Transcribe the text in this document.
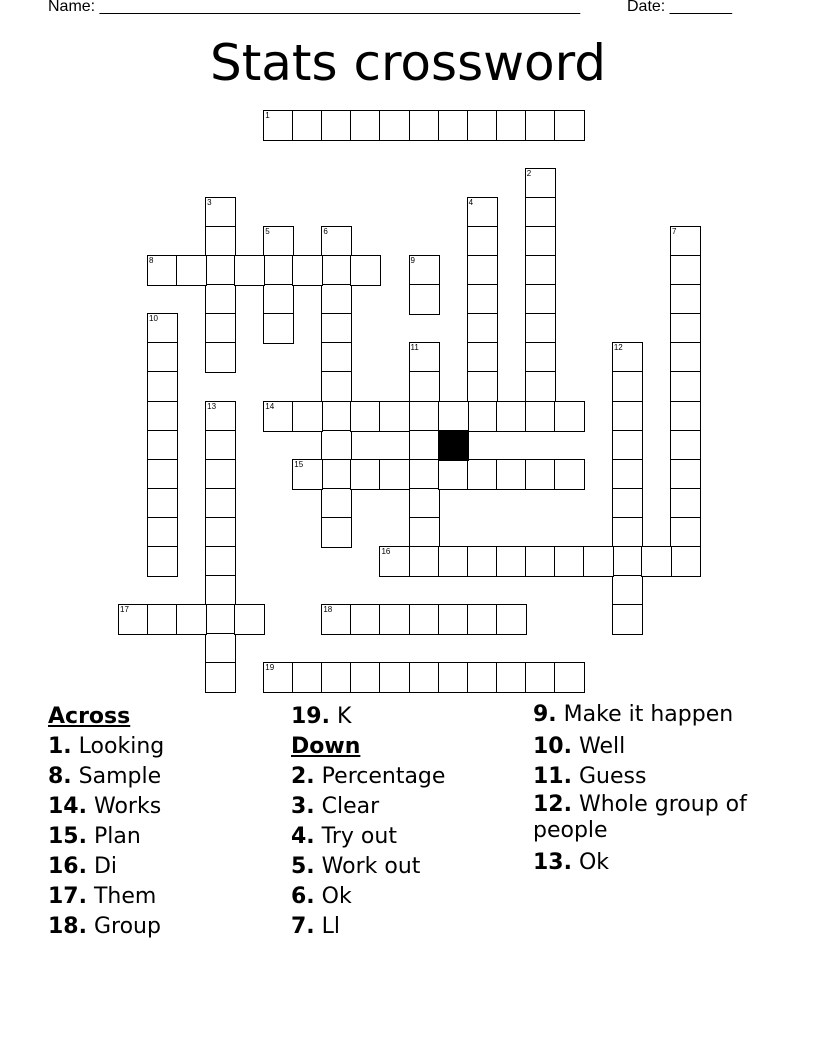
Name: ______________________________________________________	Date: _______
Stats crossword
1
2
3	4
5	6	7
8	9
10
11	12
13	14
15
16
17	18
19
Across
1. Looking
8. Sample
14. Works
15. Plan
16. Di
17. Them
18. Group
19. K
Down
2. Percentage
3. Clear
4. Try out
5. Work out
6. Ok
7. Ll
9. Make it happen
10. Well
11. Guess
12. Whole group of people
13. Ok
